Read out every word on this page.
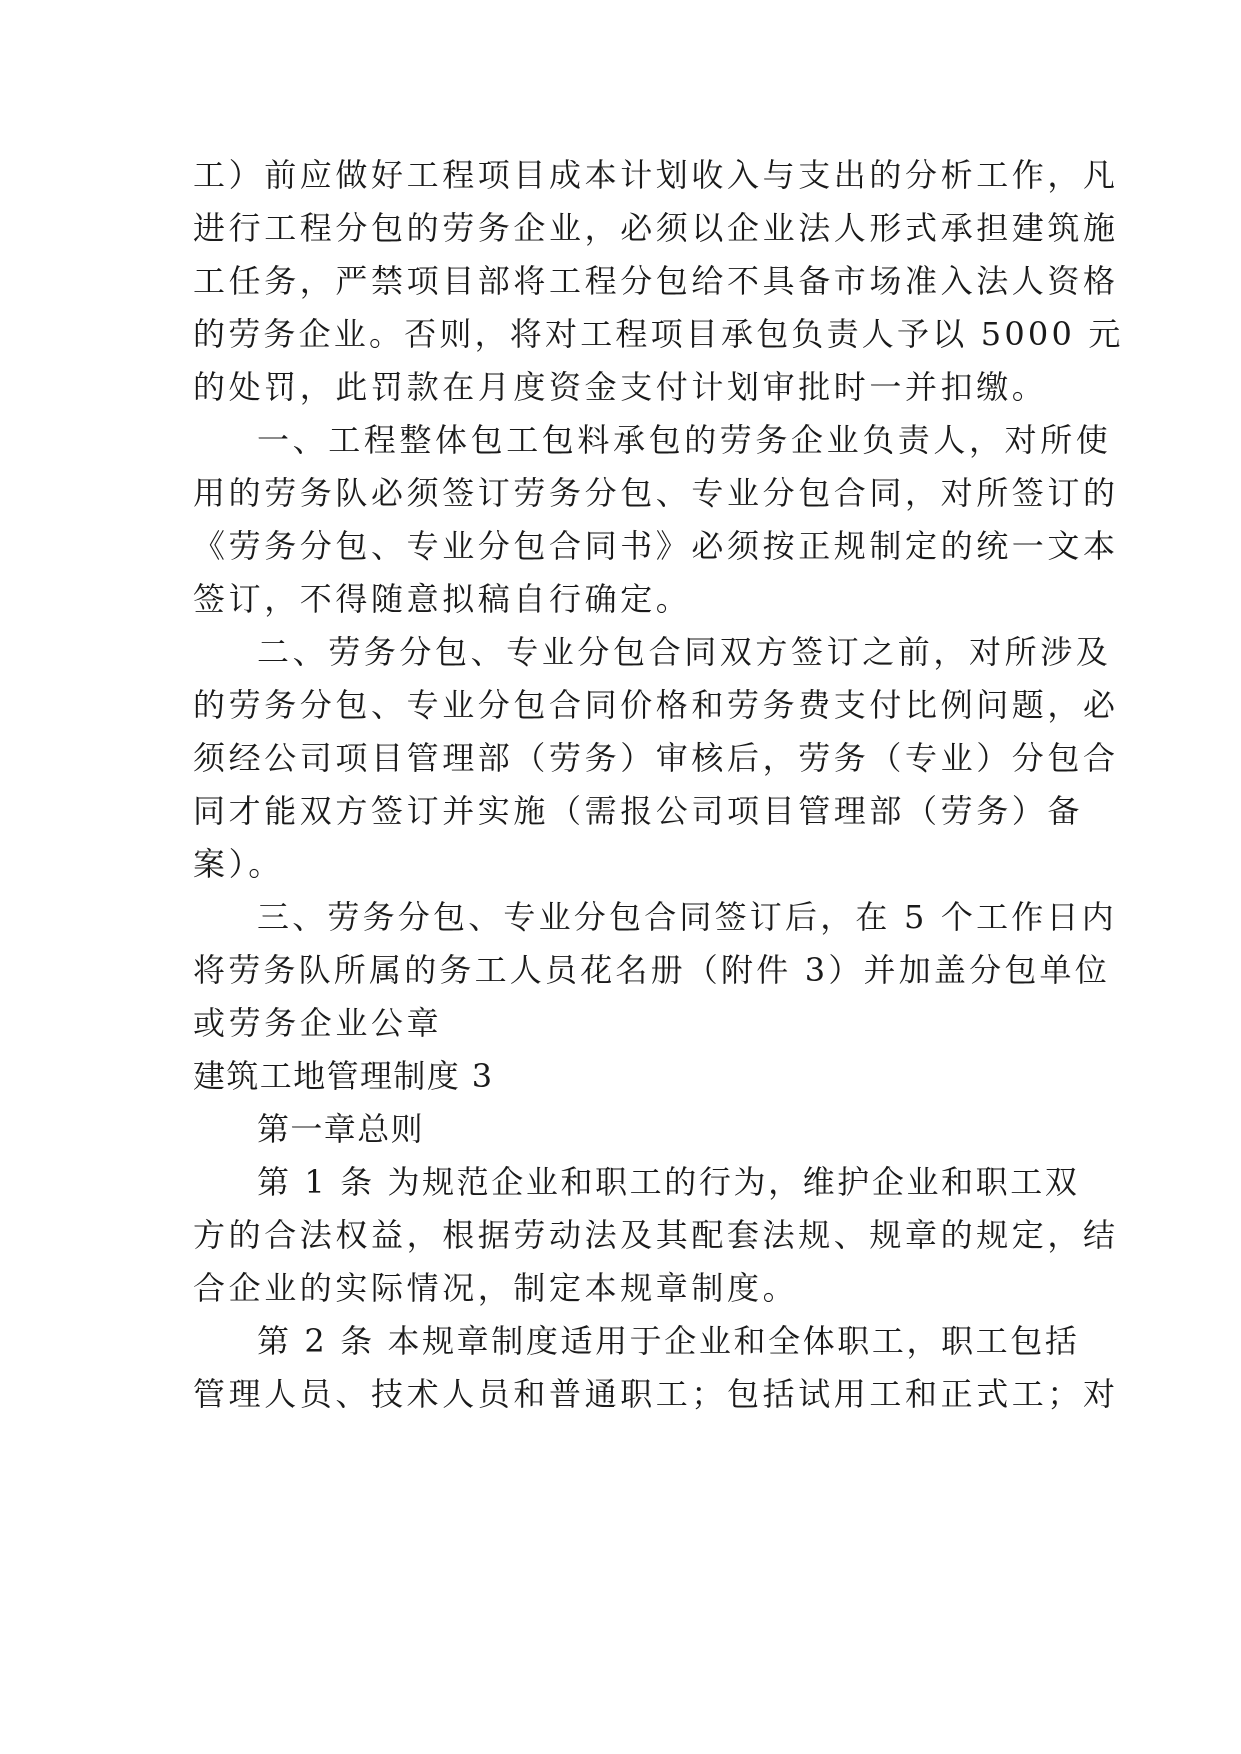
工）前应做好工程项目成本计划收入与支出的分析工作，凡
进行工程分包的劳务企业，必须以企业法人形式承担建筑施
工任务，严禁项目部将工程分包给不具备市场准入法人资格
的劳务企业。否则，将对工程项目承包负责人予以 5000 元
的处罚，此罚款在月度资金支付计划审批时一并扣缴。
一、工程整体包工包料承包的劳务企业负责人，对所使
用的劳务队必须签订劳务分包、专业分包合同，对所签订的
《劳务分包、专业分包合同书》必须按正规制定的统一文本
签订，不得随意拟稿自行确定。
二、劳务分包、专业分包合同双方签订之前，对所涉及
的劳务分包、专业分包合同价格和劳务费支付比例问题，必
须经公司项目管理部（劳务）审核后，劳务（专业）分包合
同才能双方签订并实施（需报公司项目管理部（劳务）备
案）。
三、劳务分包、专业分包合同签订后，在 5 个工作日内
将劳务队所属的务工人员花名册（附件 3）并加盖分包单位
或劳务企业公章
建筑工地管理制度 3
第一章总则
第 1 条 为规范企业和职工的行为，维护企业和职工双
方的合法权益，根据劳动法及其配套法规、规章的规定，结
合企业的实际情况，制定本规章制度。
第 2 条 本规章制度适用于企业和全体职工，职工包括
管理人员、技术人员和普通职工；包括试用工和正式工；对
